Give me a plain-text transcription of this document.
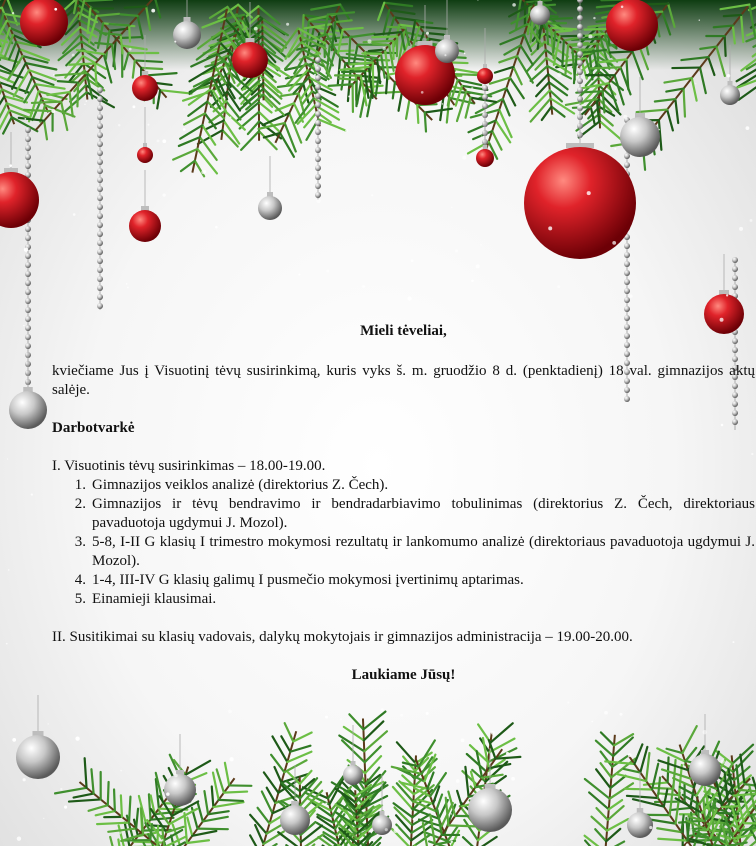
Mieli tėveliai,

kviečiame Jus į Visuotinį tėvų susirinkimą, kuris vyks š. m. gruodžio 8 d. (penktadienį) 18 val. gimnazijos aktų salėje.

Darbotvarkė

I. Visuotinis tėvų susirinkimas – 18.00-19.00.

1. Gimnazijos veiklos analizė (direktorius Z. Čech).
2. Gimnazijos ir tėvų bendravimo ir bendradarbiavimo tobulinimas (direktorius Z. Čech, direktoriaus pavaduotoja ugdymui J. Mozol).
3. 5-8, I-II G klasių I trimestro mokymosi rezultatų ir lankomumo analizė (direktoriaus pavaduotoja ugdymui J. Mozol).
4. 1-4, III-IV G klasių galimų I pusmečio mokymosi įvertinimų aptarimas.
5. Einamieji klausimai.

II. Susitikimai su klasių vadovais, dalykų mokytojais ir gimnazijos administracija – 19.00-20.00.

Laukiame Jūsų!
